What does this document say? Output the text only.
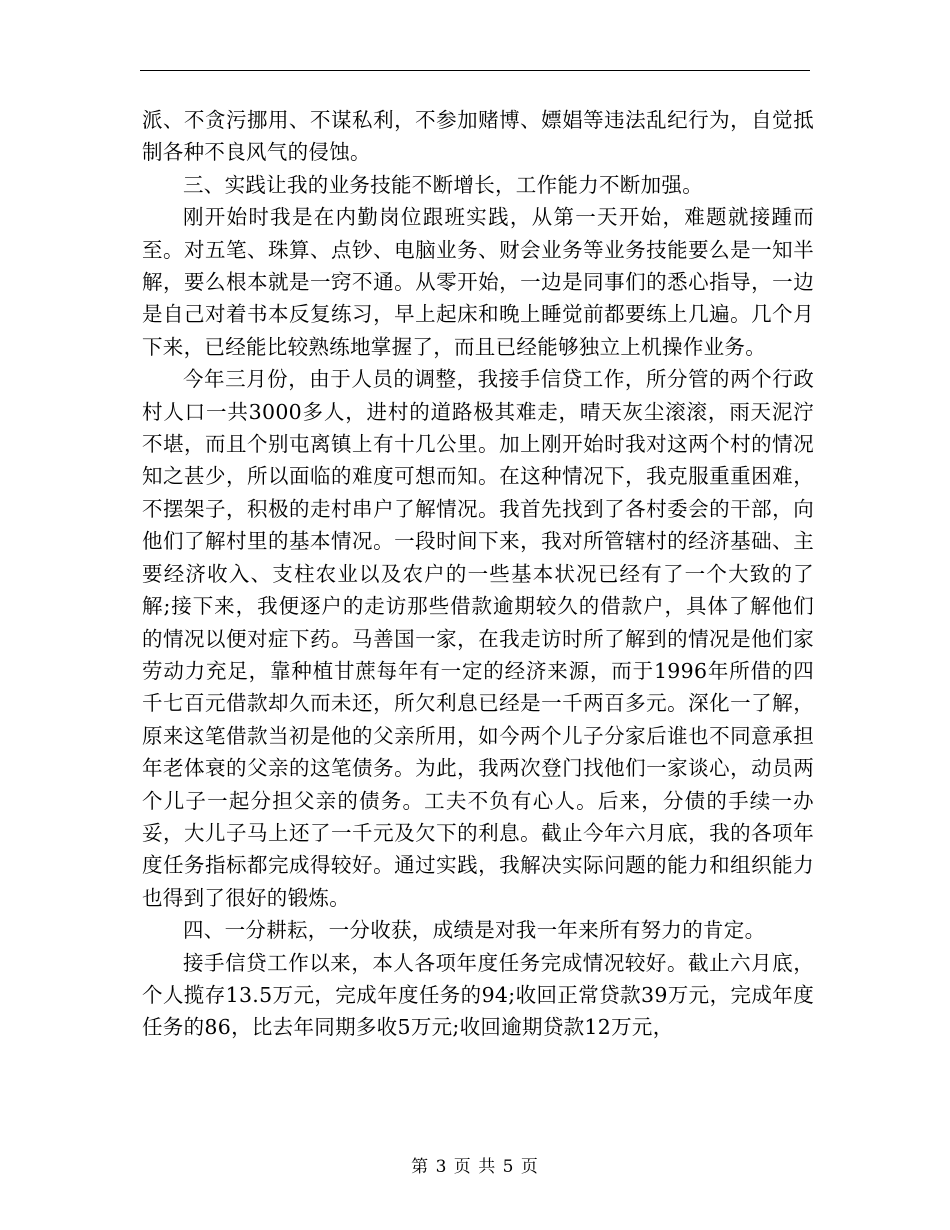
派、不贪污挪用、不谋私利，不参加赌博、嫖娼等违法乱纪行为，自觉抵制各种不良风气的侵蚀。

三、实践让我的业务技能不断增长，工作能力不断加强。

刚开始时我是在内勤岗位跟班实践，从第一天开始，难题就接踵而至。对五笔、珠算、点钞、电脑业务、财会业务等业务技能要么是一知半解，要么根本就是一窍不通。从零开始，一边是同事们的悉心指导，一边是自己对着书本反复练习，早上起床和晚上睡觉前都要练上几遍。几个月下来，已经能比较熟练地掌握了，而且已经能够独立上机操作业务。

今年三月份，由于人员的调整，我接手信贷工作，所分管的两个行政村人口一共3000多人，进村的道路极其难走，晴天灰尘滚滚，雨天泥泞不堪，而且个别屯离镇上有十几公里。加上刚开始时我对这两个村的情况知之甚少，所以面临的难度可想而知。在这种情况下，我克服重重困难，不摆架子，积极的走村串户了解情况。我首先找到了各村委会的干部，向他们了解村里的基本情况。一段时间下来，我对所管辖村的经济基础、主要经济收入、支柱农业以及农户的一些基本状况已经有了一个大致的了解;接下来，我便逐户的走访那些借款逾期较久的借款户，具体了解他们的情况以便对症下药。马善国一家，在我走访时所了解到的情况是他们家劳动力充足，靠种植甘蔗每年有一定的经济来源，而于1996年所借的四千七百元借款却久而未还，所欠利息已经是一千两百多元。深化一了解，原来这笔借款当初是他的父亲所用，如今两个儿子分家后谁也不同意承担年老体衰的父亲的这笔债务。为此，我两次登门找他们一家谈心，动员两个儿子一起分担父亲的债务。工夫不负有心人。后来，分债的手续一办妥，大儿子马上还了一千元及欠下的利息。截止今年六月底，我的各项年度任务指标都完成得较好。通过实践，我解决实际问题的能力和组织能力也得到了很好的锻炼。

四、一分耕耘，一分收获，成绩是对我一年来所有努力的肯定。

接手信贷工作以来，本人各项年度任务完成情况较好。截止六月底，个人揽存13.5万元，完成年度任务的94;收回正常贷款39万元，完成年度任务的86，比去年同期多收5万元;收回逾期贷款12万元，

第 3 页 共 5 页
